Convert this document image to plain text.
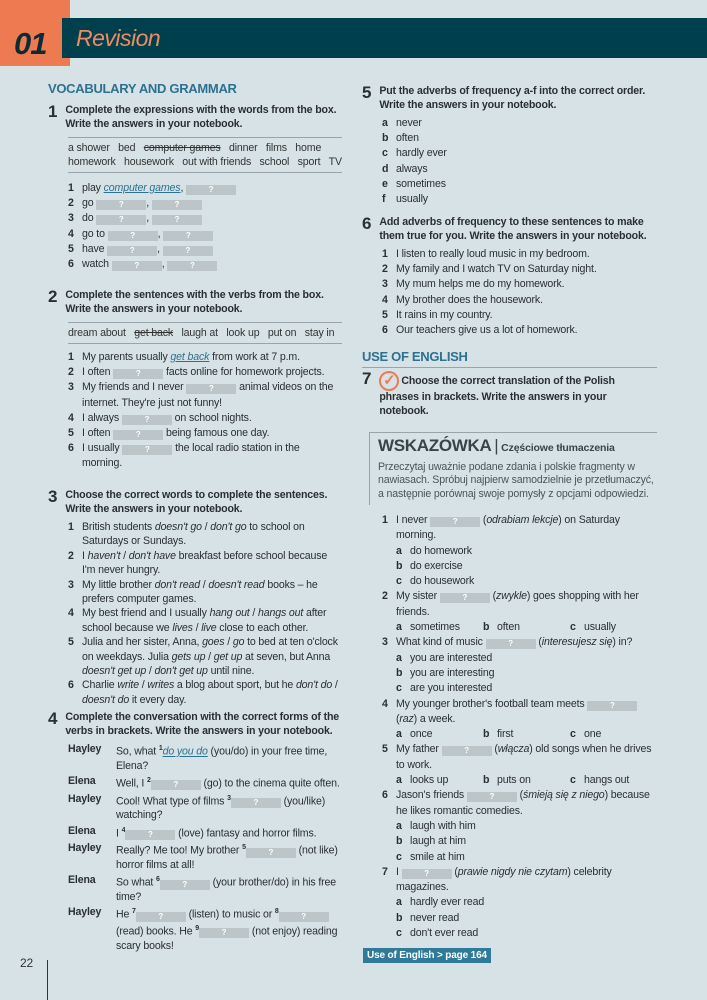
01 Revision
VOCABULARY AND GRAMMAR
1 Complete the expressions with the words from the box. Write the answers in your notebook.
a shower   bed   computer games   dinner   films   home   homework   housework   out with friends   school   sport   TV
1 play computer games,	?
2 go	? ,	?
3 do	? ,	?
4 go to	? ,	?
5 have	? ,	?
6 watch	? ,	?
2 Complete the sentences with the verbs from the box. Write the answers in your notebook.
dream about   get back   laugh at   look up   put on   stay in
1 My parents usually get back from work at 7 p.m.
2 I often	? facts online for homework projects.
3 My friends and I never	? animal videos on the internet. They're just not funny!
4 I always	? on school nights.
5 I often	? being famous one day.
6 I usually	? the local radio station in the morning.
3 Choose the correct words to complete the sentences. Write the answers in your notebook.
1 British students doesn't go / don't go to school on Saturdays or Sundays.
2 I haven't / don't have breakfast before school because I'm never hungry.
3 My little brother don't read / doesn't read books – he prefers computer games.
4 My best friend and I usually hang out / hangs out after school because we lives / live close to each other.
5 Julia and her sister, Anna, goes / go to bed at ten o'clock on weekdays. Julia gets up / get up at seven, but Anna doesn't get up / don't get up until nine.
6 Charlie write / writes a blog about sport, but he don't do / doesn't do it every day.
4 Complete the conversation with the correct forms of the verbs in brackets. Write the answers in your notebook.
Hayley	So, what $^1$do you do (you/do) in your free time, Elena?
Elena	Well, I $^2$? (go) to the cinema quite often.
Hayley	Cool! What type of films $^3$? (you/like) watching?
Elena	I $^4$? (love) fantasy and horror films.
Hayley	Really? Me too! My brother $^5$? (not like) horror films at all!
Elena	So what $^6$? (your brother/do) in his free time?
Hayley	He $^7$? (listen) to music or $^8$? (read) books. He $^9$? (not enjoy) reading scary books!
5 Put the adverbs of frequency a-f into the correct order. Write the answers in your notebook.
a never
b often
c hardly ever
d always
e sometimes
f	usually
6 Add adverbs of frequency to these sentences to make them true for you. Write the answers in your notebook.
1 I listen to really loud music in my bedroom.
2 My family and I watch TV on Saturday night.
3 My mum helps me do my homework.
4 My brother does the housework.
5 It rains in my country.
6 Our teachers give us a lot of homework.
USE OF ENGLISH
7 ✓ Choose the correct translation of the Polish phrases in brackets. Write the answers in your notebook.
WSKAZÓWKA | Częściowe tłumaczenia
Przeczytaj uważnie podane zdania i polskie fragmenty w nawiasach. Spróbuj najpierw samodzielnie je przetłumaczyć, a następnie porównaj swoje pomysły z opcjami odpowiedzi.
1 I never	? (odrabiam lekcje) on Saturday morning.
a do homework
b do exercise
c do housework
2 My sister	? (zwykle) goes shopping with her friends.
a sometimes b often	c usually
3 What kind of music	? (interesujesz się) in?
a you are interested
b you are interesting
c are you interested
4 My younger brother's football team meets	? (raz) a week.
a once	b first	c one
5 My father	? (włącza) old songs when he drives to work.
a looks up	b puts on	c hangs out
6 Jason's friends	? (śmieją się z niego) because he likes romantic comedies.
a laugh with him
b laugh at him
c smile at him
7 I	? (prawie nigdy nie czytam) celebrity magazines.
a hardly ever read
b never read
c don't ever read
Use of English > page 164
22
